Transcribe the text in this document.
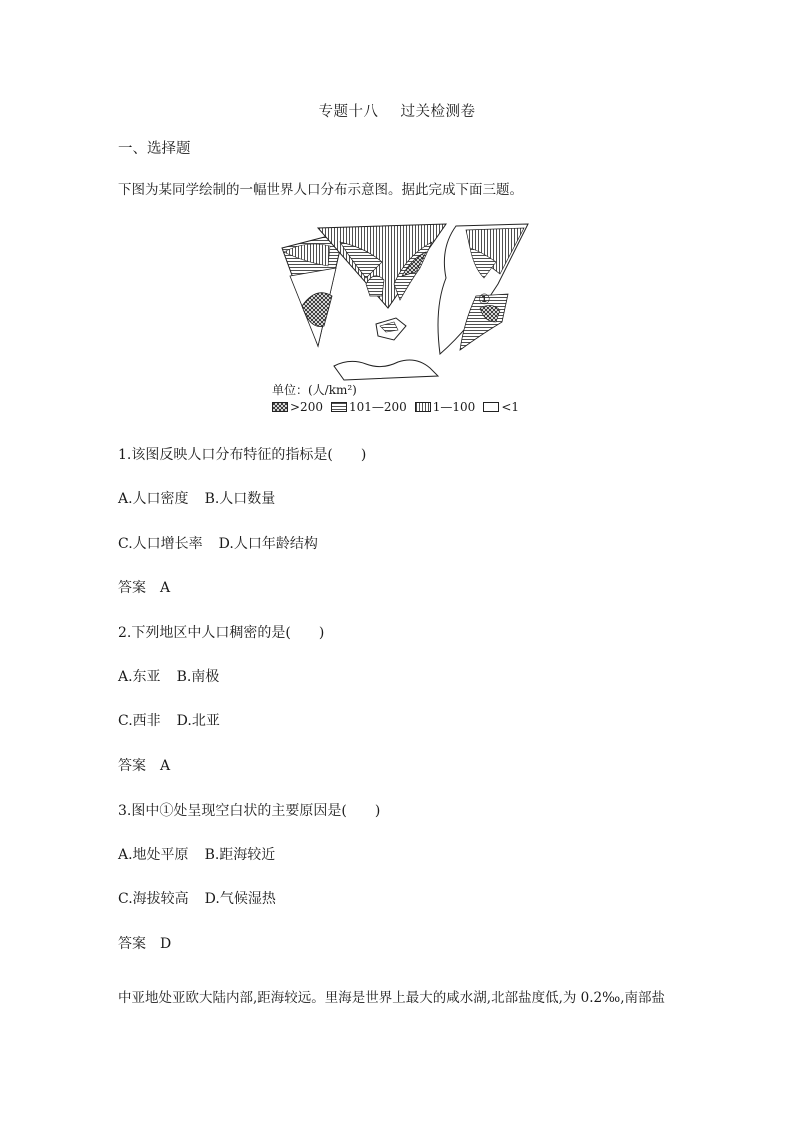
专题十八 过关检测卷
一、选择题
下图为某同学绘制的一幅世界人口分布示意图。据此完成下面三题。
①
单位：(人/km²)
>200 101—200 1—100 <1
1.该图反映人口分布特征的指标是(　　)
A.人口密度 B.人口数量
C.人口增长率 D.人口年龄结构
答案 A
2.下列地区中人口稠密的是(　　)
A.东亚 B.南极
C.西非 D.北亚
答案 A
3.图中①处呈现空白状的主要原因是(　　)
A.地处平原 B.距海较近
C.海拔较高 D.气候湿热
答案 D
中亚地处亚欧大陆内部,距海较远。里海是世界上最大的咸水湖,北部盐度低,为 0.2‰,南部盐
